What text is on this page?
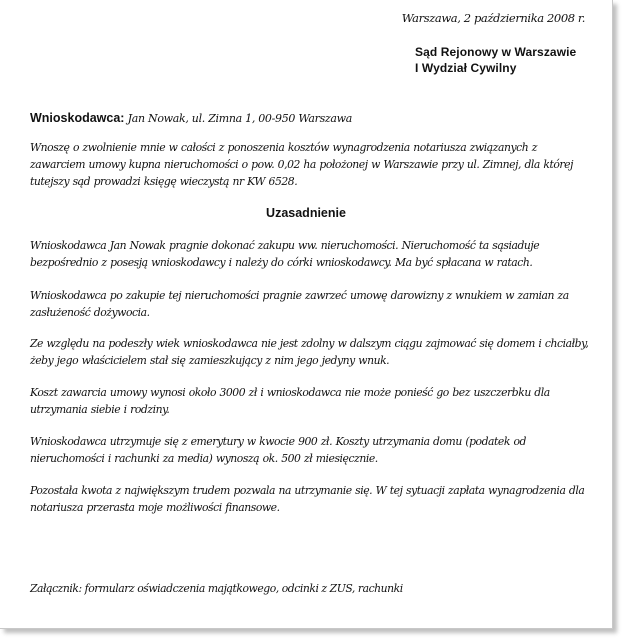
Warszawa, 2 października 2008 r.

Sąd Rejonowy w Warszawie
I Wydział Cywilny

Wnioskodawca: Jan Nowak, ul. Zimna 1, 00-950 Warszawa

Wnoszę o zwolnienie mnie w całości z ponoszenia kosztów wynagrodzenia notariusza związanych z zawarciem umowy kupna nieruchomości o pow. 0,02 ha położonej w Warszawie przy ul. Zimnej, dla której tutejszy sąd prowadzi księgę wieczystą nr KW 6528.

Uzasadnienie

Wnioskodawca Jan Nowak pragnie dokonać zakupu ww. nieruchomości. Nieruchomość ta sąsiaduje bezpośrednio z posesją wnioskodawcy i należy do córki wnioskodawcy. Ma być spłacana w ratach.

Wnioskodawca po zakupie tej nieruchomości pragnie zawrzeć umowę darowizny z wnukiem w zamian za zasłużeność dożywocia.

Ze względu na podeszły wiek wnioskodawca nie jest zdolny w dalszym ciągu zajmować się domem i chciałby, żeby jego właścicielem stał się zamieszkujący z nim jego jedyny wnuk.

Koszt zawarcia umowy wynosi około 3000 zł i wnioskodawca nie może ponieść go bez uszczerbku dla utrzymania siebie i rodziny.

Wnioskodawca utrzymuje się z emerytury w kwocie 900 zł. Koszty utrzymania domu (podatek od nieruchomości i rachunki za media) wynoszą ok. 500 zł miesięcznie.

Pozostała kwota z największym trudem pozwala na utrzymanie się. W tej sytuacji zapłata wynagrodzenia dla notariusza przerasta moje możliwości finansowe.

Załącznik: formularz oświadczenia majątkowego, odcinki z ZUS, rachunki
